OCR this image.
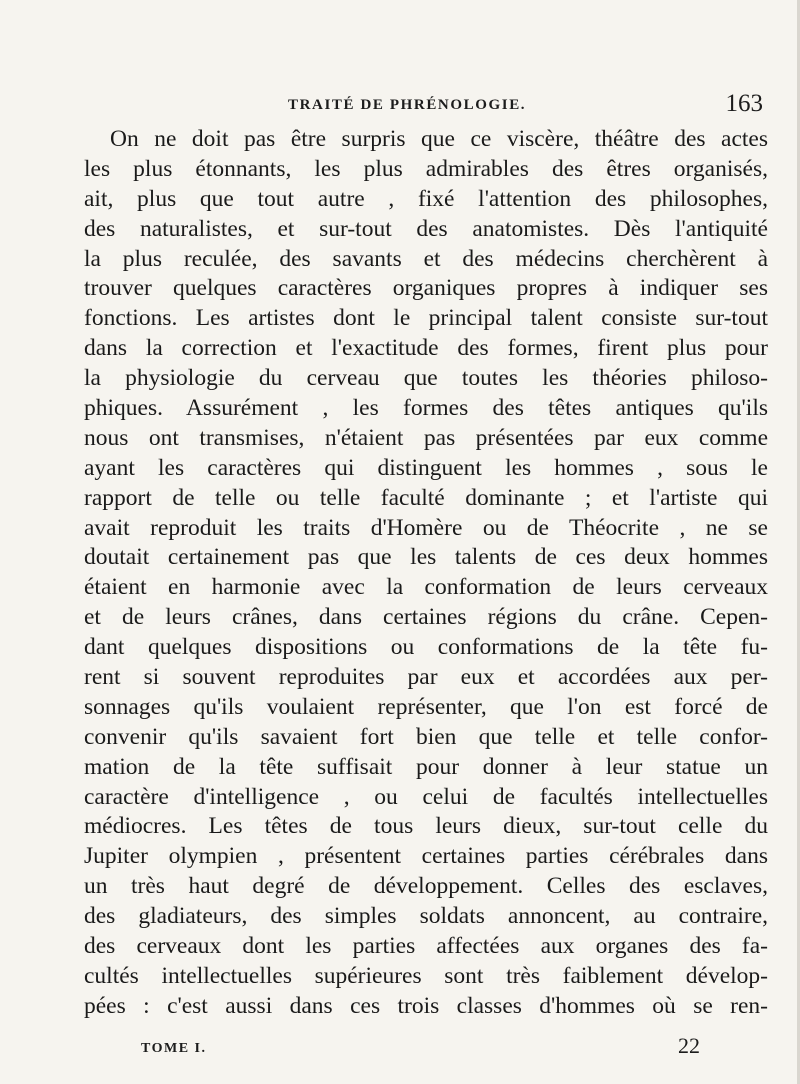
TRAITÉ DE PHRÉNOLOGIE.	163
On ne doit pas être surpris que ce viscère, théâtre des actes
les plus étonnants, les plus admirables des êtres organisés,
ait, plus que tout autre , fixé l'attention des philosophes,
des naturalistes, et sur-tout des anatomistes. Dès l'antiquité
la plus reculée, des savants et des médecins cherchèrent à
trouver quelques caractères organiques propres à indiquer ses
fonctions. Les artistes dont le principal talent consiste sur-tout
dans la correction et l'exactitude des formes, firent plus pour
la physiologie du cerveau que toutes les théories philoso-
phiques. Assurément , les formes des têtes antiques qu'ils
nous ont transmises, n'étaient pas présentées par eux comme
ayant les caractères qui distinguent les hommes , sous le
rapport de telle ou telle faculté dominante ; et l'artiste qui
avait reproduit les traits d'Homère ou de Théocrite , ne se
doutait certainement pas que les talents de ces deux hommes
étaient en harmonie avec la conformation de leurs cerveaux
et de leurs crânes, dans certaines régions du crâne. Cepen-
dant quelques dispositions ou conformations de la tête fu-
rent si souvent reproduites par eux et accordées aux per-
sonnages qu'ils voulaient représenter, que l'on est forcé de
convenir qu'ils savaient fort bien que telle et telle confor-
mation de la tête suffisait pour donner à leur statue un
caractère d'intelligence , ou celui de facultés intellectuelles
médiocres. Les têtes de tous leurs dieux, sur-tout celle du
Jupiter olympien , présentent certaines parties cérébrales dans
un très haut degré de développement. Celles des esclaves,
des gladiateurs, des simples soldats annoncent, au contraire,
des cerveaux dont les parties affectées aux organes des fa-
cultés intellectuelles supérieures sont très faiblement dévelop-
pées : c'est aussi dans ces trois classes d'hommes où se ren-
TOME I.	22
